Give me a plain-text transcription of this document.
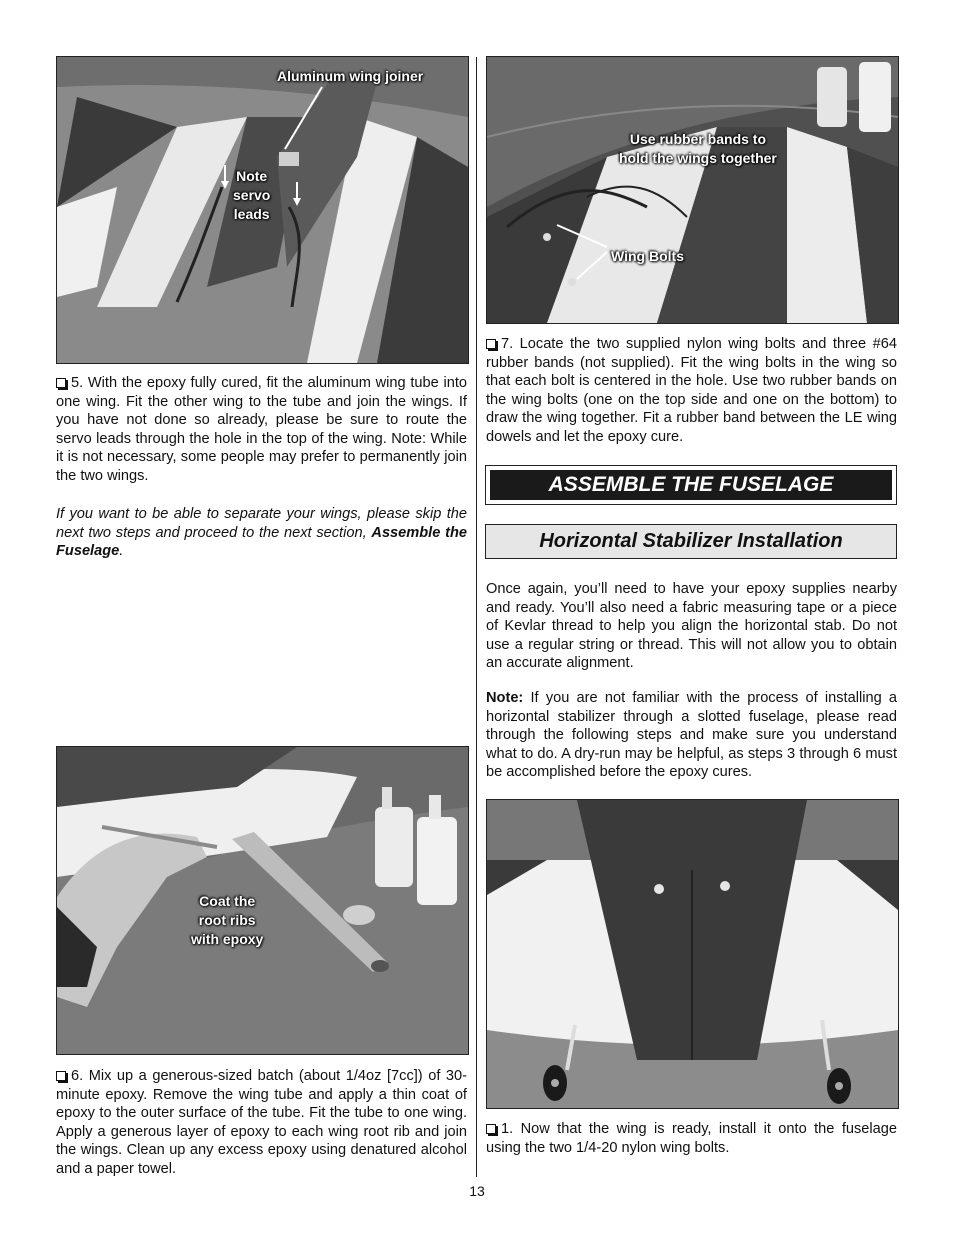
Aluminum wing joiner
Note
servo
leads
Use rubber bands to
hold the wings together
Wing Bolts

5. With the epoxy fully cured, fit the aluminum wing tube into one wing. Fit the other wing to the tube and join the wings. If you have not done so already, please be sure to route the servo leads through the hole in the top of the wing. Note: While it is not necessary, some people may prefer to permanently join the two wings.

If you want to be able to separate your wings, please skip the next two steps and proceed to the next section, Assemble the Fuselage.

Coat the
root ribs
with epoxy

6. Mix up a generous-sized batch (about 1/4oz [7cc]) of 30-minute epoxy. Remove the wing tube and apply a thin coat of epoxy to the outer surface of the tube. Fit the tube to one wing. Apply a generous layer of epoxy to each wing root rib and join the wings. Clean up any excess epoxy using denatured alcohol and a paper towel.

7. Locate the two supplied nylon wing bolts and three #64 rubber bands (not supplied). Fit the wing bolts in the wing so that each bolt is centered in the hole. Use two rubber bands on the wing bolts (one on the top side and one on the bottom) to draw the wing together. Fit a rubber band between the LE wing dowels and let the epoxy cure.

ASSEMBLE THE FUSELAGE
Horizontal Stabilizer Installation

Once again, you’ll need to have your epoxy supplies nearby and ready. You’ll also need a fabric measuring tape or a piece of Kevlar thread to help you align the horizontal stab. Do not use a regular string or thread. This will not allow you to obtain an accurate alignment.

Note: If you are not familiar with the process of installing a horizontal stabilizer through a slotted fuselage, please read through the following steps and make sure you understand what to do. A dry-run may be helpful, as steps 3 through 6 must be accomplished before the epoxy cures.

1. Now that the wing is ready, install it onto the fuselage using the two 1/4-20 nylon wing bolts.

13
